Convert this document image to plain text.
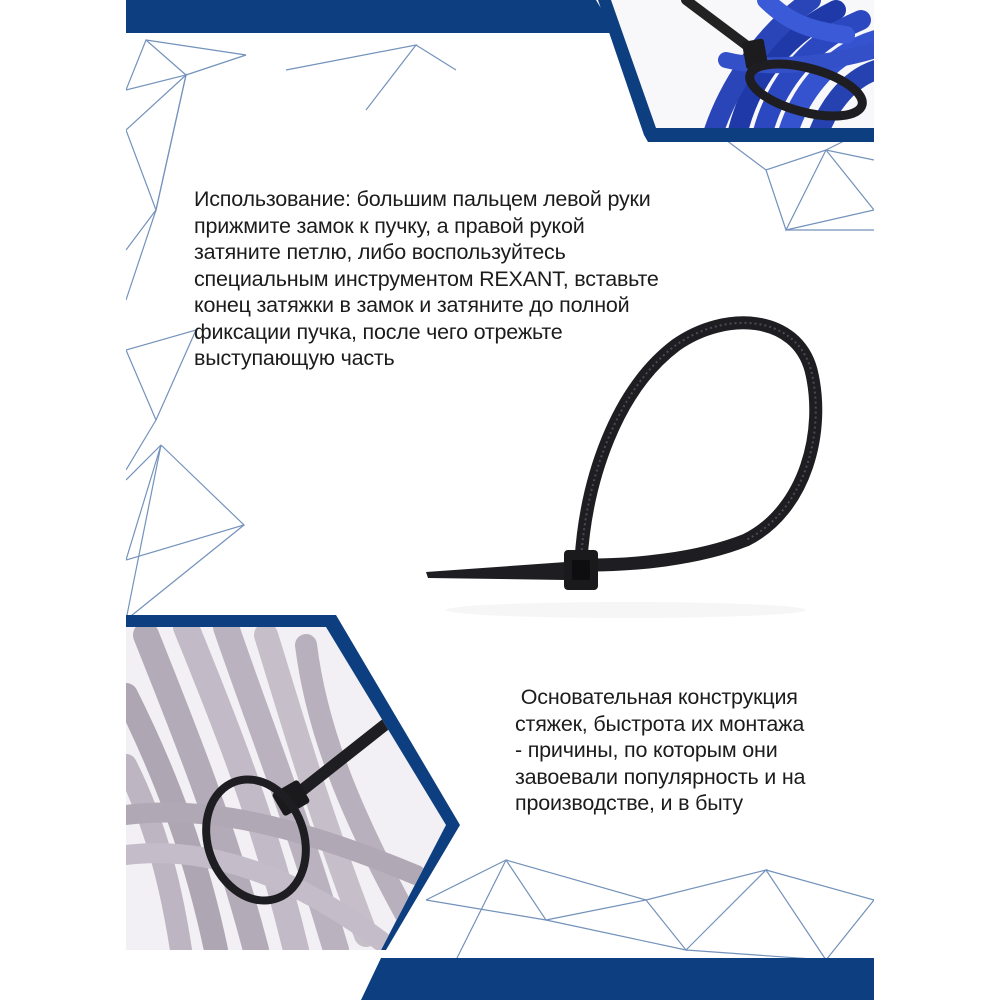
Использование: большим пальцем левой руки
прижмите замок к пучку, а правой рукой
затяните петлю, либо воспользуйтесь
специальным инструментом REXANT, вставьте
конец затяжки в замок и затяните до полной
фиксации пучка, после чего отрежьте
выступающую часть
Основательная конструкция
стяжек, быстрота их монтажа
- причины, по которым они
завоевали популярность и на
производстве, и в быту
